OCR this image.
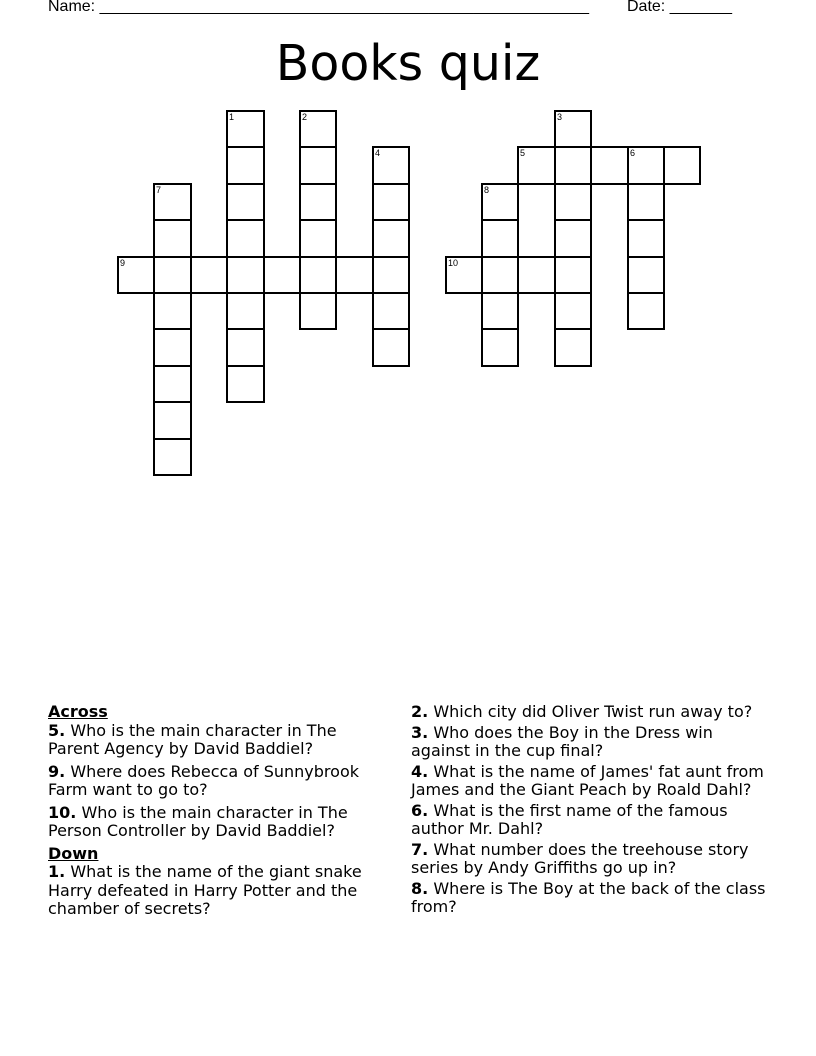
Name: _______________________________________________________ Date: _______
Books quiz
1	2	3
4	5	6
7	8
9	10
Across
5. Who is the main character in The Parent Agency by David Baddiel?
9. Where does Rebecca of Sunnybrook Farm want to go to?
10. Who is the main character in The Person Controller by David Baddiel?
Down
1. What is the name of the giant snake Harry defeated in Harry Potter and the chamber of secrets?
2. Which city did Oliver Twist run away to?
3. Who does the Boy in the Dress win against in the cup final?
4. What is the name of James' fat aunt from James and the Giant Peach by Roald Dahl?
6. What is the first name of the famous author Mr. Dahl?
7. What number does the treehouse story series by Andy Griffiths go up in?
8. Where is The Boy at the back of the class from?
